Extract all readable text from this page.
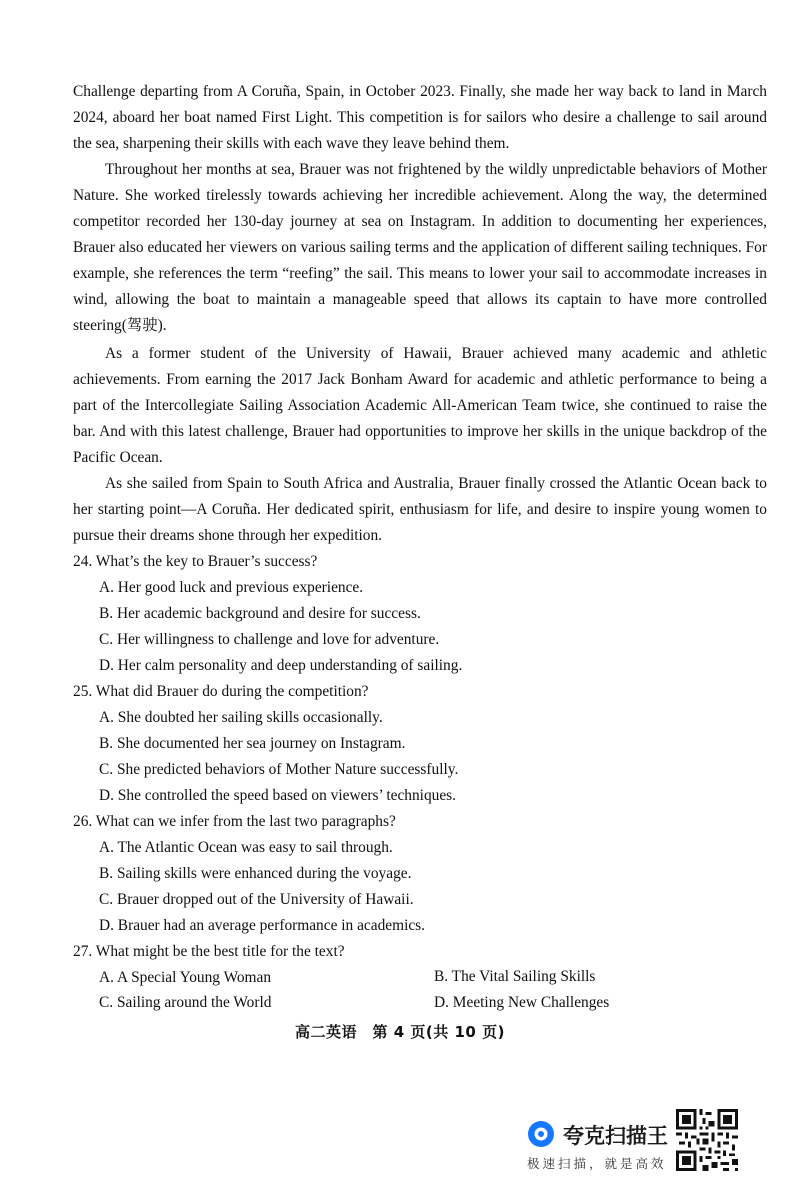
Challenge departing from A Coruña, Spain, in October 2023. Finally, she made her way back to land in March 2024, aboard her boat named First Light. This competition is for sailors who desire a challenge to sail around the sea, sharpening their skills with each wave they leave behind them.

Throughout her months at sea, Brauer was not frightened by the wildly unpredictable behaviors of Mother Nature. She worked tirelessly towards achieving her incredible achievement. Along the way, the determined competitor recorded her 130-day journey at sea on Instagram. In addition to documenting her experiences, Brauer also educated her viewers on various sailing terms and the application of different sailing techniques. For example, she references the term “reefing” the sail. This means to lower your sail to accommodate increases in wind, allowing the boat to maintain a manageable speed that allows its captain to have more controlled steering(驾驶).

As a former student of the University of Hawaii, Brauer achieved many academic and athletic achievements. From earning the 2017 Jack Bonham Award for academic and athletic performance to being a part of the Intercollegiate Sailing Association Academic All-American Team twice, she continued to raise the bar. And with this latest challenge, Brauer had opportunities to improve her skills in the unique backdrop of the Pacific Ocean.

As she sailed from Spain to South Africa and Australia, Brauer finally crossed the Atlantic Ocean back to her starting point—A Coruña. Her dedicated spirit, enthusiasm for life, and desire to inspire young women to pursue their dreams shone through her expedition.

24. What’s the key to Brauer’s success?

A. Her good luck and previous experience.

B. Her academic background and desire for success.

C. Her willingness to challenge and love for adventure.

D. Her calm personality and deep understanding of sailing.

25. What did Brauer do during the competition?

A. She doubted her sailing skills occasionally.

B. She documented her sea journey on Instagram.

C. She predicted behaviors of Mother Nature successfully.

D. She controlled the speed based on viewers’ techniques.

26. What can we infer from the last two paragraphs?

A. The Atlantic Ocean was easy to sail through.

B. Sailing skills were enhanced during the voyage.

C. Brauer dropped out of the University of Hawaii.

D. Brauer had an average performance in academics.

27. What might be the best title for the text?

A. A Special Young Woman	B. The Vital Sailing Skills

C. Sailing around the World	D. Meeting New Challenges

高二英语　第 4 页(共 10 页)
夸克扫描王
极速扫描，就是高效
